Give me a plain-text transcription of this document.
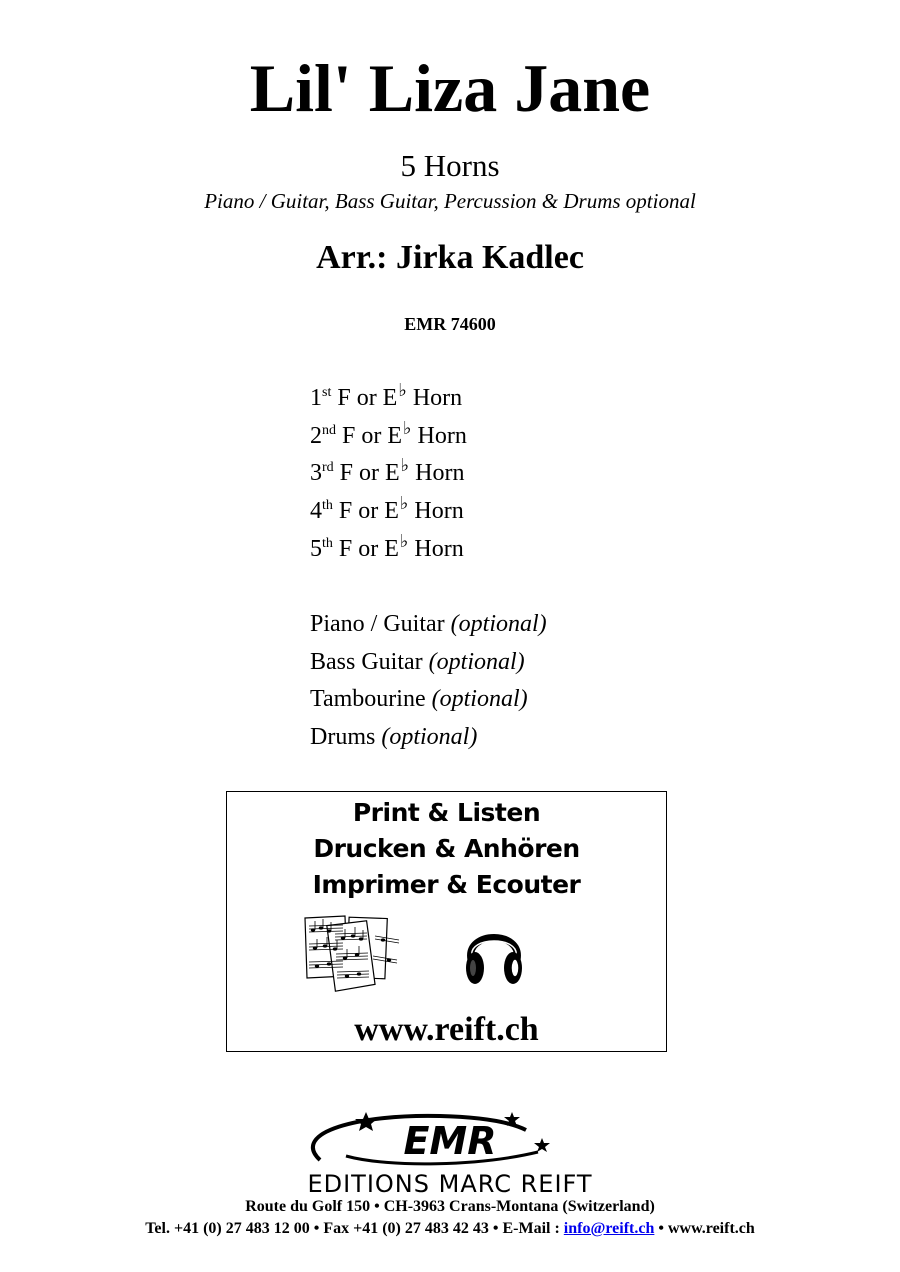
Lil' Liza Jane
5 Horns
Piano / Guitar, Bass Guitar, Percussion & Drums optional
Arr.: Jirka Kadlec
EMR 74600
1st F or E♭ Horn
2nd F or E♭ Horn
3rd F or E♭ Horn
4th F or E♭ Horn
5th F or E♭ Horn
Piano / Guitar (optional)
Bass Guitar (optional)
Tambourine (optional)
Drums (optional)
Print & Listen
Drucken & Anhören
Imprimer & Ecouter
www.reift.ch
EMR
EDITIONS MARC REIFT
Route du Golf 150 • CH-3963 Crans-Montana (Switzerland)
Tel. +41 (0) 27 483 12 00 • Fax +41 (0) 27 483 42 43 • E-Mail : info@reift.ch • www.reift.ch
